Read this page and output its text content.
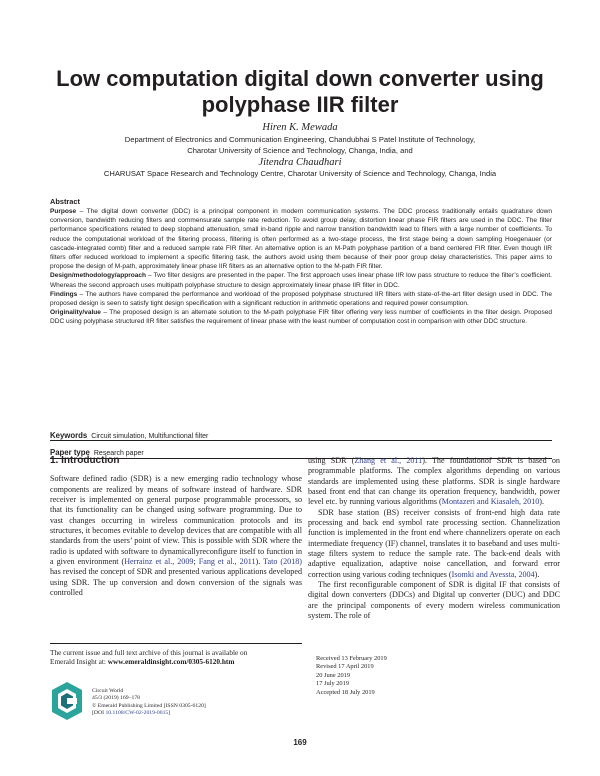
Low computation digital down converter using polyphase IIR filter
Hiren K. Mewada
Department of Electronics and Communication Engineering, Chandubhai S Patel Institute of Technology,
Charotar University of Science and Technology, Changa, India, and
Jitendra Chaudhari
CHARUSAT Space Research and Technology Centre, Charotar University of Science and Technology, Changa, India
Abstract

Purpose – The digital down converter (DDC) is a principal component in modern communication systems. The DDC process traditionally entails quadrature down conversion, bandwidth reducing filters and commensurate sample rate reduction. To avoid group delay, distortion linear phase FIR filters are used in the DDC. The filter performance specifications related to deep stopband attenuation, small in-band ripple and narrow transition bandwidth lead to filters with a large number of coefficients. To reduce the computational workload of the filtering process, filtering is often performed as a two-stage process, the first stage being a down sampling Hoegenauer (or cascade-integrated comb) filter and a reduced sample rate FIR filter. An alternative option is an M-Path polyphase partition of a band centered FIR filter. Even though IIR filters offer reduced workload to implement a specific filtering task, the authors avoid using them because of their poor group delay characteristics. This paper aims to propose the design of M-path, approximately linear phase IIR filters as an alternative option to the M-path FIR filter.

Design/methodology/approach – Two filter designs are presented in the paper. The first approach uses linear phase IIR low pass structure to reduce the filter’s coefficient. Whereas the second approach uses multipath polyphase structure to design approximately linear phase IIR filter in DDC.

Findings – The authors have compared the performance and workload of the proposed polyphase structured IIR filters with state-of-the-art filter design used in DDC. The proposed design is seen to satisfy tight design specification with a significant reduction in arithmetic operations and required power consumption.

Originality/value – The proposed design is an alternate solution to the M-path polyphase FIR filter offering very less number of coefficients in the filter design. Proposed DDC using polyphase structured IIR filter satisfies the requirement of linear phase with the least number of computation cost in comparison with other DDC structure.

Keywords Circuit simulation, Multifunctional filter
Paper type Research paper
1. Introduction

Software defined radio (SDR) is a new emerging radio technology whose components are realized by means of software instead of hardware. SDR receiver is implemented on general purpose programmable processors, so that its functionality can be changed using software programming. Due to vast changes occurring in wireless communication protocols and its structures, it becomes evitable to develop devices that are compatible with all standards from the users’ point of view. This is possible with SDR where the radio is updated with software to dynamicallyreconfigure itself to function in a given environment (Herrainz et al., 2009; Fang et al., 2011). Tato (2018) has revised the concept of SDR and presented various applications developed using SDR. The up conversion and down conversion of the signals was controlled

using SDR (Zhang et al., 2011). The foundationof SDR is based on programmable platforms. The complex algorithms depending on various standards are implemented using these platforms. SDR is single hardware based front end that can change its operation frequency, bandwidth, power level etc. by running various algorithms (Montazeri and Kiasaleh, 2010).

SDR base station (BS) receiver consists of front-end high data rate processing and back end symbol rate processing section. Channelization function is implemented in the front end where channelizers operate on each intermediate frequency (IF) channel, translates it to baseband and uses multi-stage filters system to reduce the sample rate. The back-end deals with adaptive equalization, adaptive noise cancellation, and forward error correction using various coding techniques (Isomki and Avessta, 2004).

The first reconfigurable component of SDR is digital IF that consists of digital down converters (DDCs) and Digital up converter (DUC) and DDC are the principal components of every modern wireless communication system. The role of

The current issue and full text archive of this journal is available on
Emerald Insight at: www.emeraldinsight.com/0305-6120.htm
Circuit World
45/3 (2019) 169–178
© Emerald Publishing Limited [ISSN 0305-6120]
[DOI 10.1108/CW-02-2019-0015]
Received 13 February 2019
Revised 17 April 2019
20 June 2019
17 July 2019
Accepted 18 July 2019
169
